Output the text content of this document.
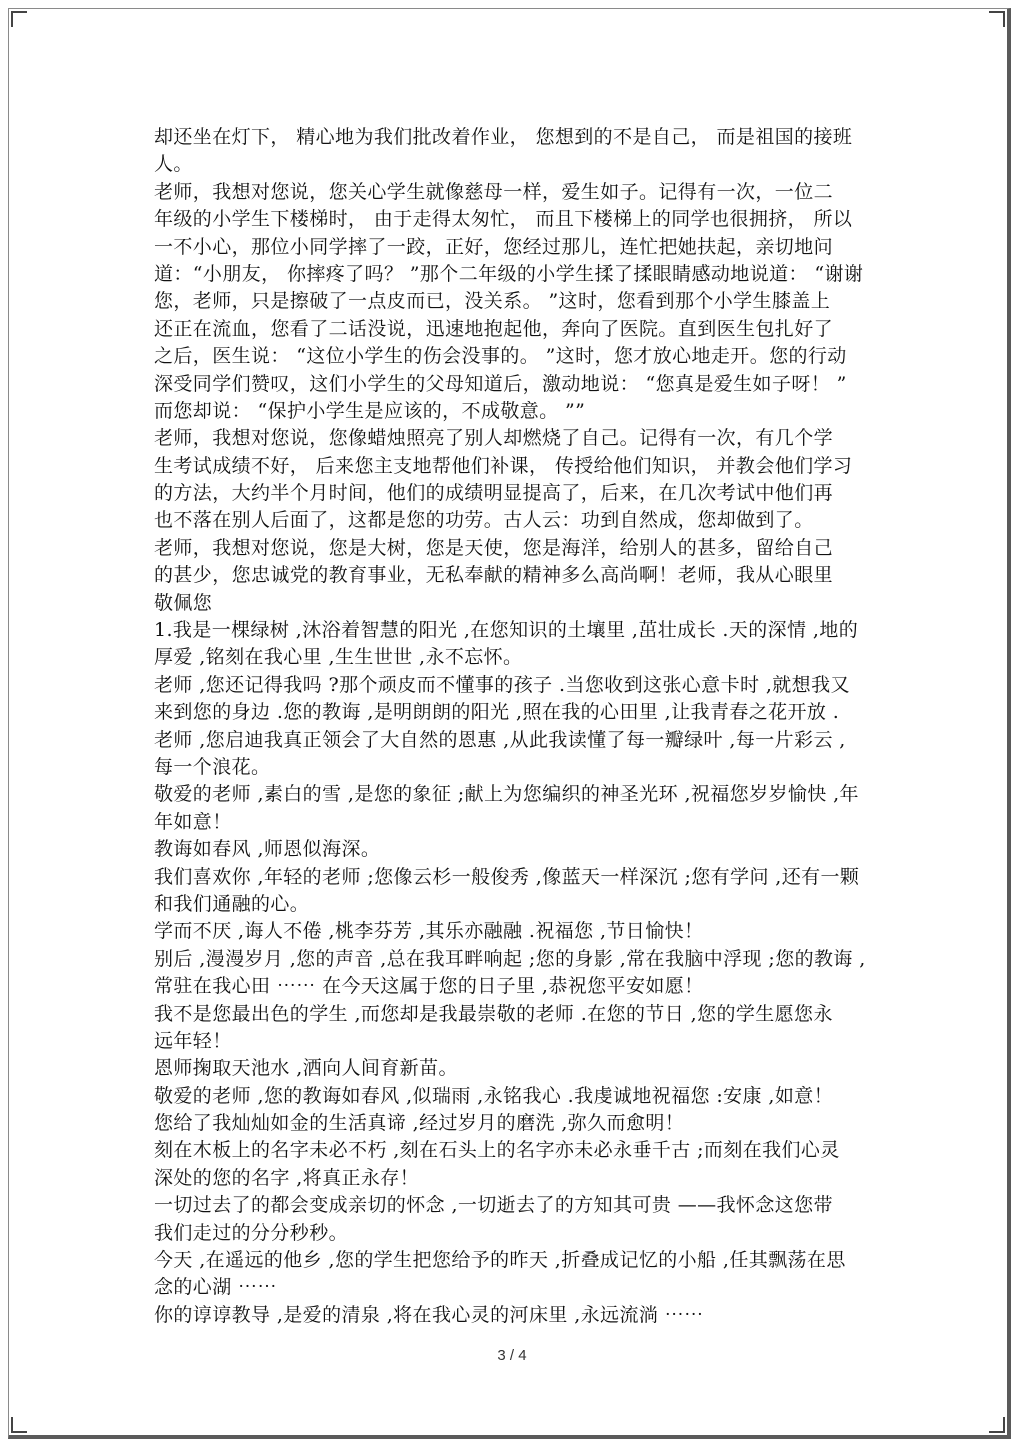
却还坐在灯下， 精心地为我们批改着作业， 您想到的不是自己， 而是祖国的接班
人。
老师，我想对您说，您关心学生就像慈母一样，爱生如子。记得有一次，一位二
年级的小学生下楼梯时， 由于走得太匆忙， 而且下楼梯上的同学也很拥挤， 所以
一不小心，那位小同学摔了一跤，正好，您经过那儿，连忙把她扶起，亲切地问
道：“小朋友， 你摔疼了吗？ ”那个二年级的小学生揉了揉眼睛感动地说道： “谢谢
您，老师，只是擦破了一点皮而已，没关系。 ”这时，您看到那个小学生膝盖上
还正在流血，您看了二话没说，迅速地抱起他，奔向了医院。直到医生包扎好了
之后，医生说： “这位小学生的伤会没事的。 ”这时，您才放心地走开。您的行动
深受同学们赞叹，这们小学生的父母知道后，激动地说： “您真是爱生如子呀！ ”
而您却说： “保护小学生是应该的，不成敬意。 ””
老师，我想对您说，您像蜡烛照亮了别人却燃烧了自己。记得有一次，有几个学
生考试成绩不好， 后来您主支地帮他们补课， 传授给他们知识， 并教会他们学习
的方法，大约半个月时间，他们的成绩明显提高了，后来，在几次考试中他们再
也不落在别人后面了，这都是您的功劳。古人云：功到自然成，您却做到了。
老师，我想对您说，您是大树，您是天使，您是海洋，给别人的甚多，留给自己
的甚少，您忠诚党的教育事业，无私奉献的精神多么高尚啊！老师，我从心眼里
敬佩您
1.我是一棵绿树 ,沐浴着智慧的阳光 ,在您知识的土壤里 ,茁壮成长 .天的深情 ,地的
厚爱 ,铭刻在我心里 ,生生世世 ,永不忘怀。
老师 ,您还记得我吗 ?那个顽皮而不懂事的孩子 .当您收到这张心意卡时 ,就想我又
来到您的身边 .您的教诲 ,是明朗朗的阳光 ,照在我的心田里 ,让我青春之花开放 .
老师 ,您启迪我真正领会了大自然的恩惠 ,从此我读懂了每一瓣绿叶 ,每一片彩云 ,
每一个浪花。
敬爱的老师 ,素白的雪 ,是您的象征 ;献上为您编织的神圣光环 ,祝福您岁岁愉快 ,年
年如意！
教诲如春风 ,师恩似海深。
我们喜欢你 ,年轻的老师 ;您像云杉一般俊秀 ,像蓝天一样深沉 ;您有学问 ,还有一颗
和我们通融的心。
学而不厌 ,诲人不倦 ,桃李芬芳 ,其乐亦融融 .祝福您 ,节日愉快！
别后 ,漫漫岁月 ,您的声音 ,总在我耳畔响起 ;您的身影 ,常在我脑中浮现 ;您的教诲 ,
常驻在我心田 ⋯⋯ 在今天这属于您的日子里 ,恭祝您平安如愿！
我不是您最出色的学生 ,而您却是我最崇敬的老师 .在您的节日 ,您的学生愿您永
远年轻！
恩师掬取天池水 ,洒向人间育新苗。
敬爱的老师 ,您的教诲如春风 ,似瑞雨 ,永铭我心 .我虔诚地祝福您 :安康 ,如意！
您给了我灿灿如金的生活真谛 ,经过岁月的磨洗 ,弥久而愈明！
刻在木板上的名字未必不朽 ,刻在石头上的名字亦未必永垂千古 ;而刻在我们心灵
深处的您的名字 ,将真正永存！
一切过去了的都会变成亲切的怀念 ,一切逝去了的方知其可贵 ——我怀念这您带
我们走过的分分秒秒。
今天 ,在遥远的他乡 ,您的学生把您给予的昨天 ,折叠成记忆的小船 ,任其飘荡在思
念的心湖 ⋯⋯
你的谆谆教导 ,是爱的清泉 ,将在我心灵的河床里 ,永远流淌 ⋯⋯
3 / 4
